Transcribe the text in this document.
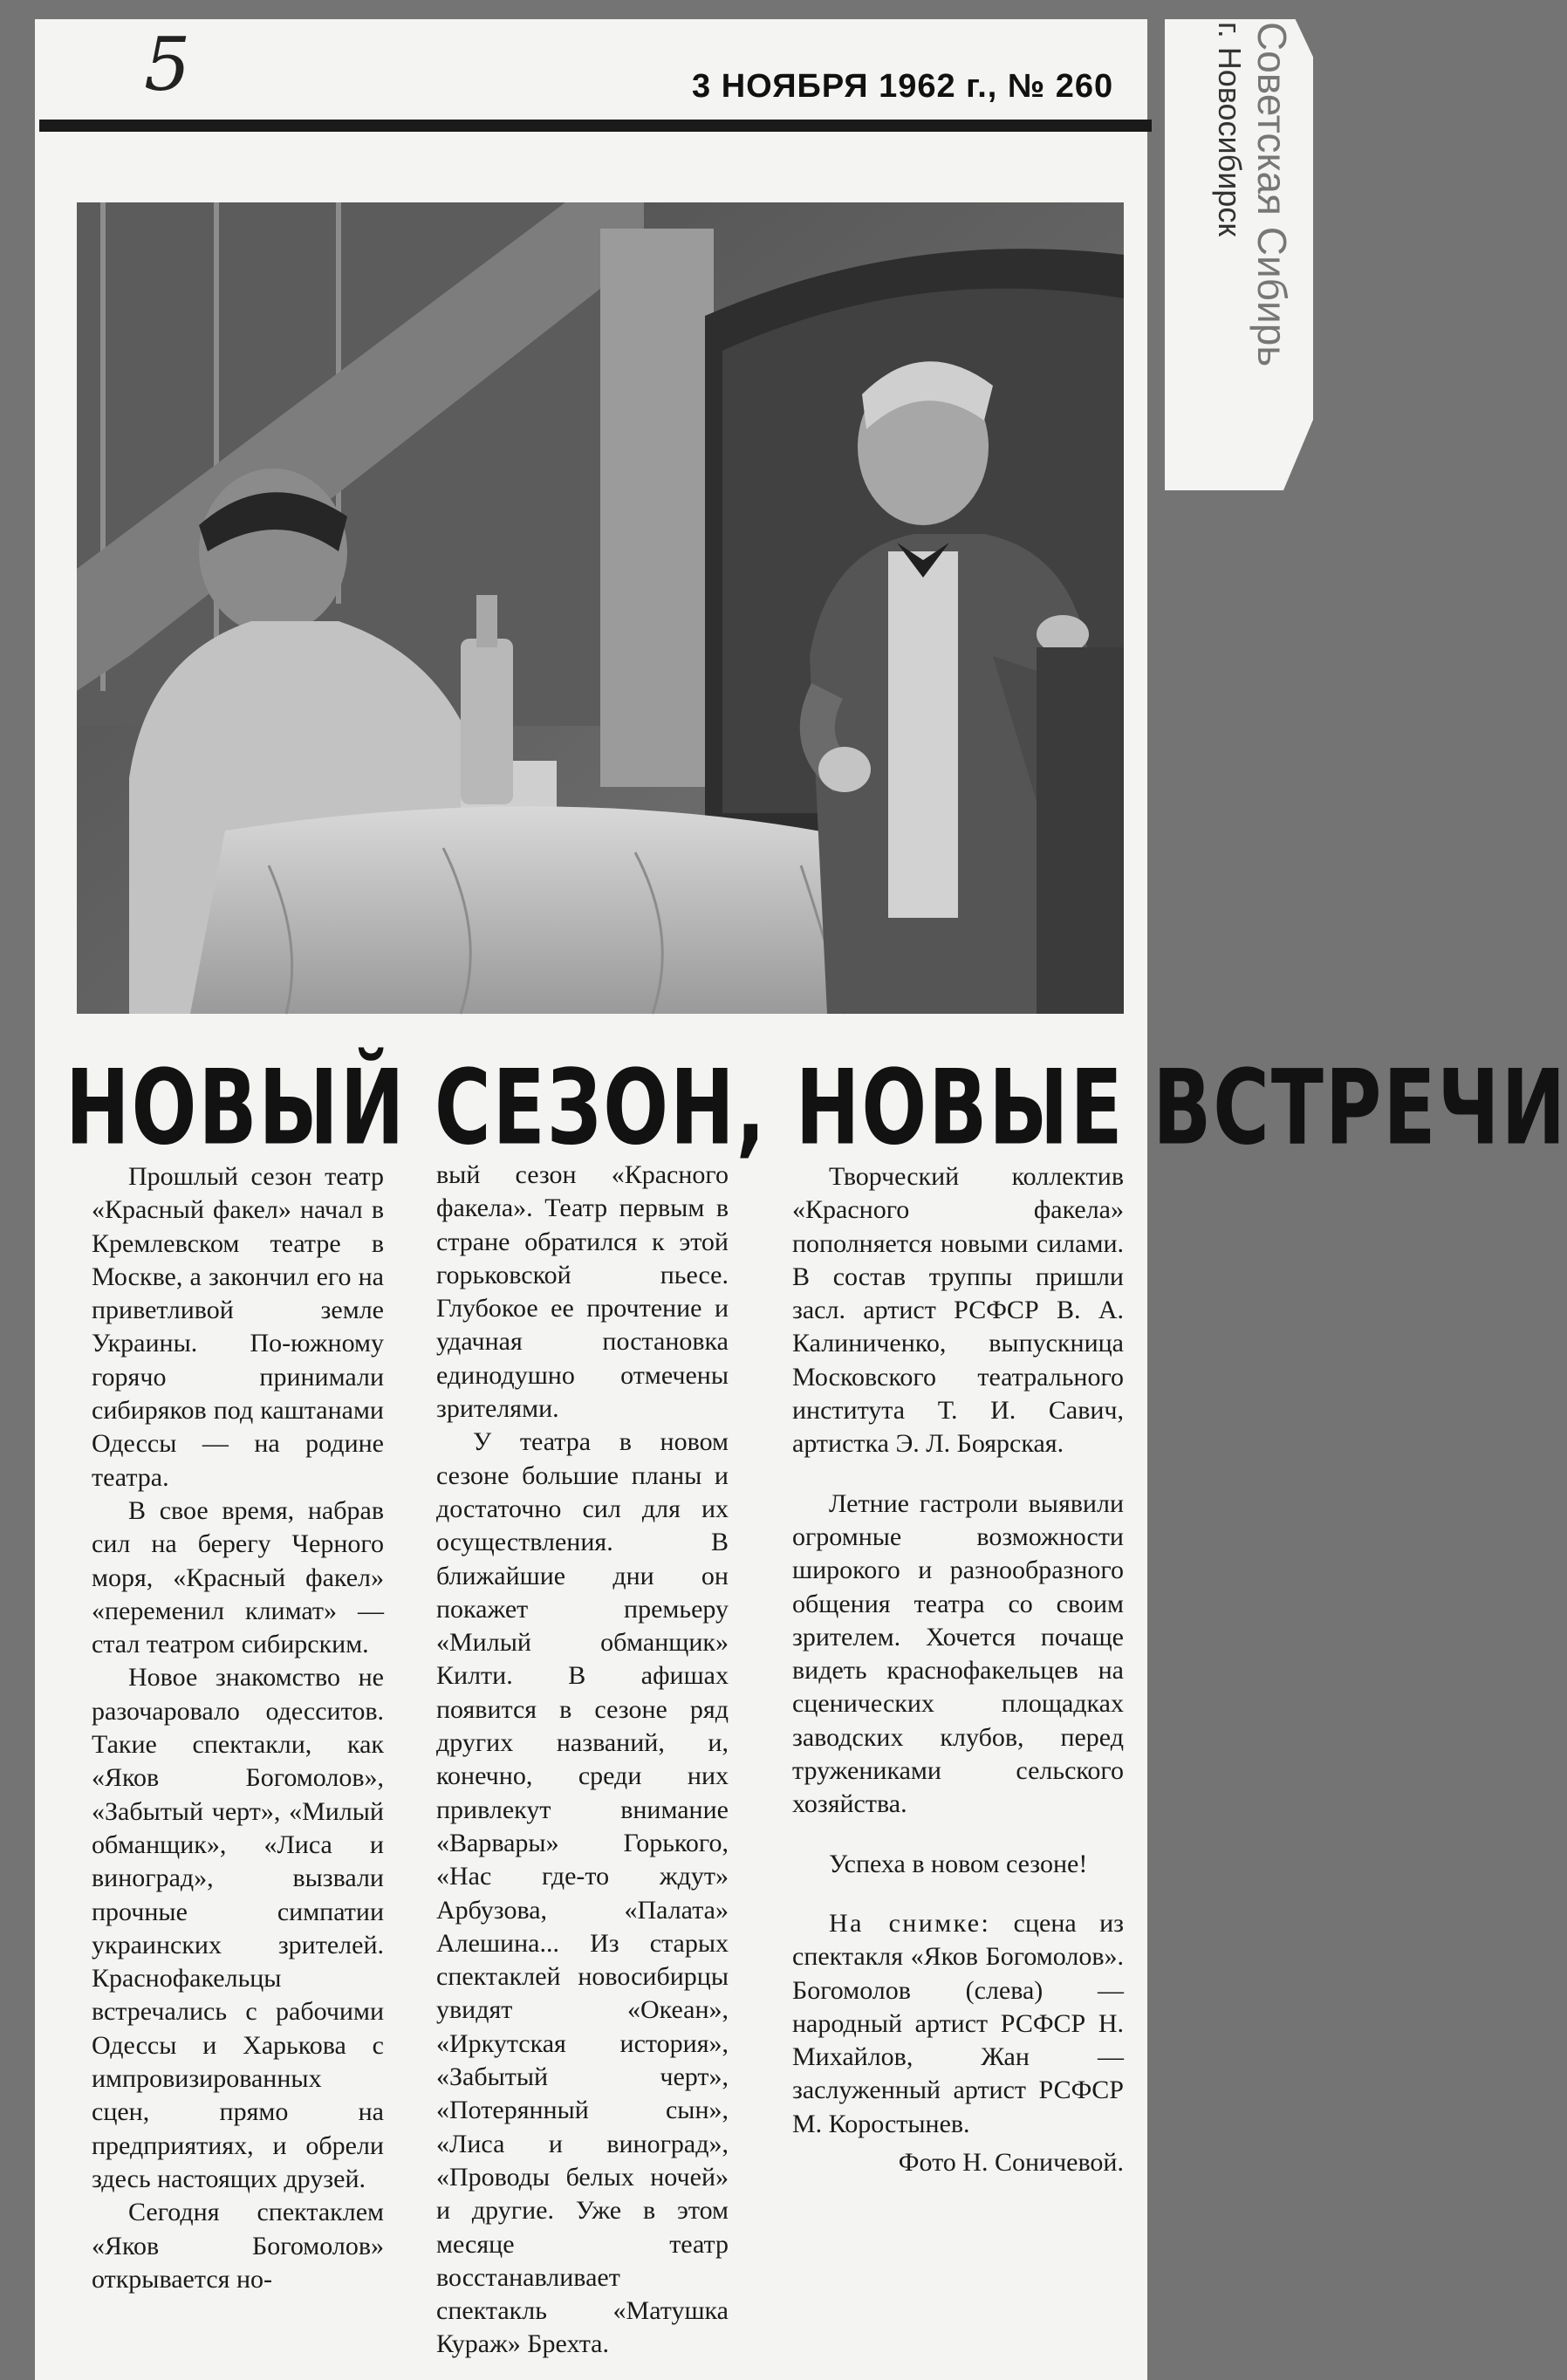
Советская Сибирь
г. Новосибирск
5	3 НОЯБРЯ 1962 г., № 260
НОВЫЙ СЕЗОН, НОВЫЕ ВСТРЕЧИ

Прошлый сезон театр «Красный факел» начал в Кремлевском театре в Москве, а закончил его на приветливой земле Украины. По-южному горячо принимали сибиряков под каштанами Одессы — на родине театра.

В свое время, набрав сил на берегу Черного моря, «Красный факел» «переменил климат» — стал театром сибирским.

Новое знакомство не разочаровало одесситов. Такие спектакли, как «Яков Богомолов», «Забытый черт», «Милый обманщик», «Лиса и виноград», вызвали прочные симпатии украинских зрителей. Краснофакельцы встречались с рабочими Одессы и Харькова с импровизированных сцен, прямо на предприятиях, и обрели здесь настоящих друзей.

Сегодня спектаклем «Яков Богомолов» открывается но-

вый сезон «Красного факела». Театр первым в стране обратился к этой горьковской пьесе. Глубокое ее прочтение и удачная постановка единодушно отмечены зрителями.

У театра в новом сезоне большие планы и достаточно сил для их осуществления. В ближайшие дни он покажет премьеру «Милый обманщик» Килти. В афишах появится в сезоне ряд других названий, и, конечно, среди них привлекут внимание «Варвары» Горького, «Нас где-то ждут» Арбузова, «Палата» Алешина... Из старых спектаклей новосибирцы увидят «Океан», «Иркутская история», «Забытый черт», «Потерянный сын», «Лиса и виноград», «Проводы белых ночей» и другие. Уже в этом месяце театр восстанавливает спектакль «Матушка Кураж» Брехта.

Творческий коллектив «Красного факела» пополняется новыми силами. В состав труппы пришли засл. артист РСФСР В. А. Калиниченко, выпускница Московского театрального института Т. И. Савич, артистка Э. Л. Боярская.

Летние гастроли выявили огромные возможности широкого и разнообразного общения театра со своим зрителем. Хочется почаще видеть краснофакельцев на сценических площадках заводских клубов, перед тружениками сельского хозяйства.

Успеха в новом сезоне!

На снимке: сцена из спектакля «Яков Богомолов». Богомолов (слева) — народный артист РСФСР Н. Михайлов, Жан — заслуженный артист РСФСР М. Коростынев.

Фото Н. Соничевой.
